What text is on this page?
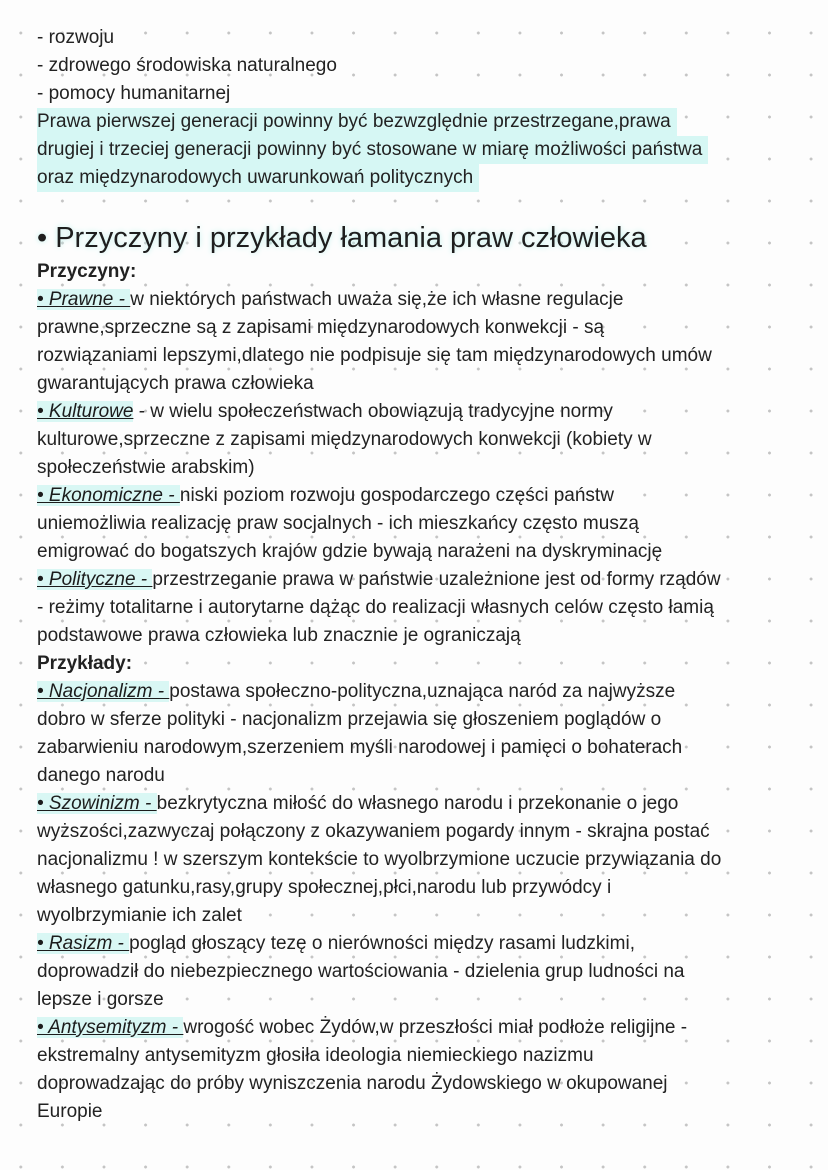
- rozwoju
- zdrowego środowiska naturalnego
- pomocy humanitarnej
Prawa pierwszej generacji powinny być bezwzględnie przestrzegane,prawa
drugiej i trzeciej generacji powinny być stosowane w miarę możliwości państwa
oraz międzynarodowych uwarunkowań politycznych
• Przyczyny i przykłady łamania praw człowieka
Przyczyny:
• Prawne - w niektórych państwach uważa się,że ich własne regulacje
prawne,sprzeczne są z zapisami międzynarodowych konwekcji - są
rozwiązaniami lepszymi,dlatego nie podpisuje się tam międzynarodowych umów
gwarantujących prawa człowieka
• Kulturowe - w wielu społeczeństwach obowiązują tradycyjne normy
kulturowe,sprzeczne z zapisami międzynarodowych konwekcji (kobiety w
społeczeństwie arabskim)
• Ekonomiczne - niski poziom rozwoju gospodarczego części państw
uniemożliwia realizację praw socjalnych - ich mieszkańcy często muszą
emigrować do bogatszych krajów gdzie bywają narażeni na dyskryminację
• Polityczne - przestrzeganie prawa w państwie uzależnione jest od formy rządów
- reżimy totalitarne i autorytarne dążąc do realizacji własnych celów często łamią
podstawowe prawa człowieka lub znacznie je ograniczają
Przykłady:
• Nacjonalizm - postawa społeczno-polityczna,uznająca naród za najwyższe
dobro w sferze polityki - nacjonalizm przejawia się głoszeniem poglądów o
zabarwieniu narodowym,szerzeniem myśli narodowej i pamięci o bohaterach
danego narodu
• Szowinizm - bezkrytyczna miłość do własnego narodu i przekonanie o jego
wyższości,zazwyczaj połączony z okazywaniem pogardy innym - skrajna postać
nacjonalizmu ! w szerszym kontekście to wyolbrzymione uczucie przywiązania do
własnego gatunku,rasy,grupy społecznej,płci,narodu lub przywódcy i
wyolbrzymianie ich zalet
• Rasizm - pogląd głoszący tezę o nierówności między rasami ludzkimi,
doprowadził do niebezpiecznego wartościowania - dzielenia grup ludności na
lepsze i gorsze
• Antysemityzm - wrogość wobec Żydów,w przeszłości miał podłoże religijne -
ekstremalny antysemityzm głosiła ideologia niemieckiego nazizmu
doprowadzając do próby wyniszczenia narodu Żydowskiego w okupowanej
Europie
